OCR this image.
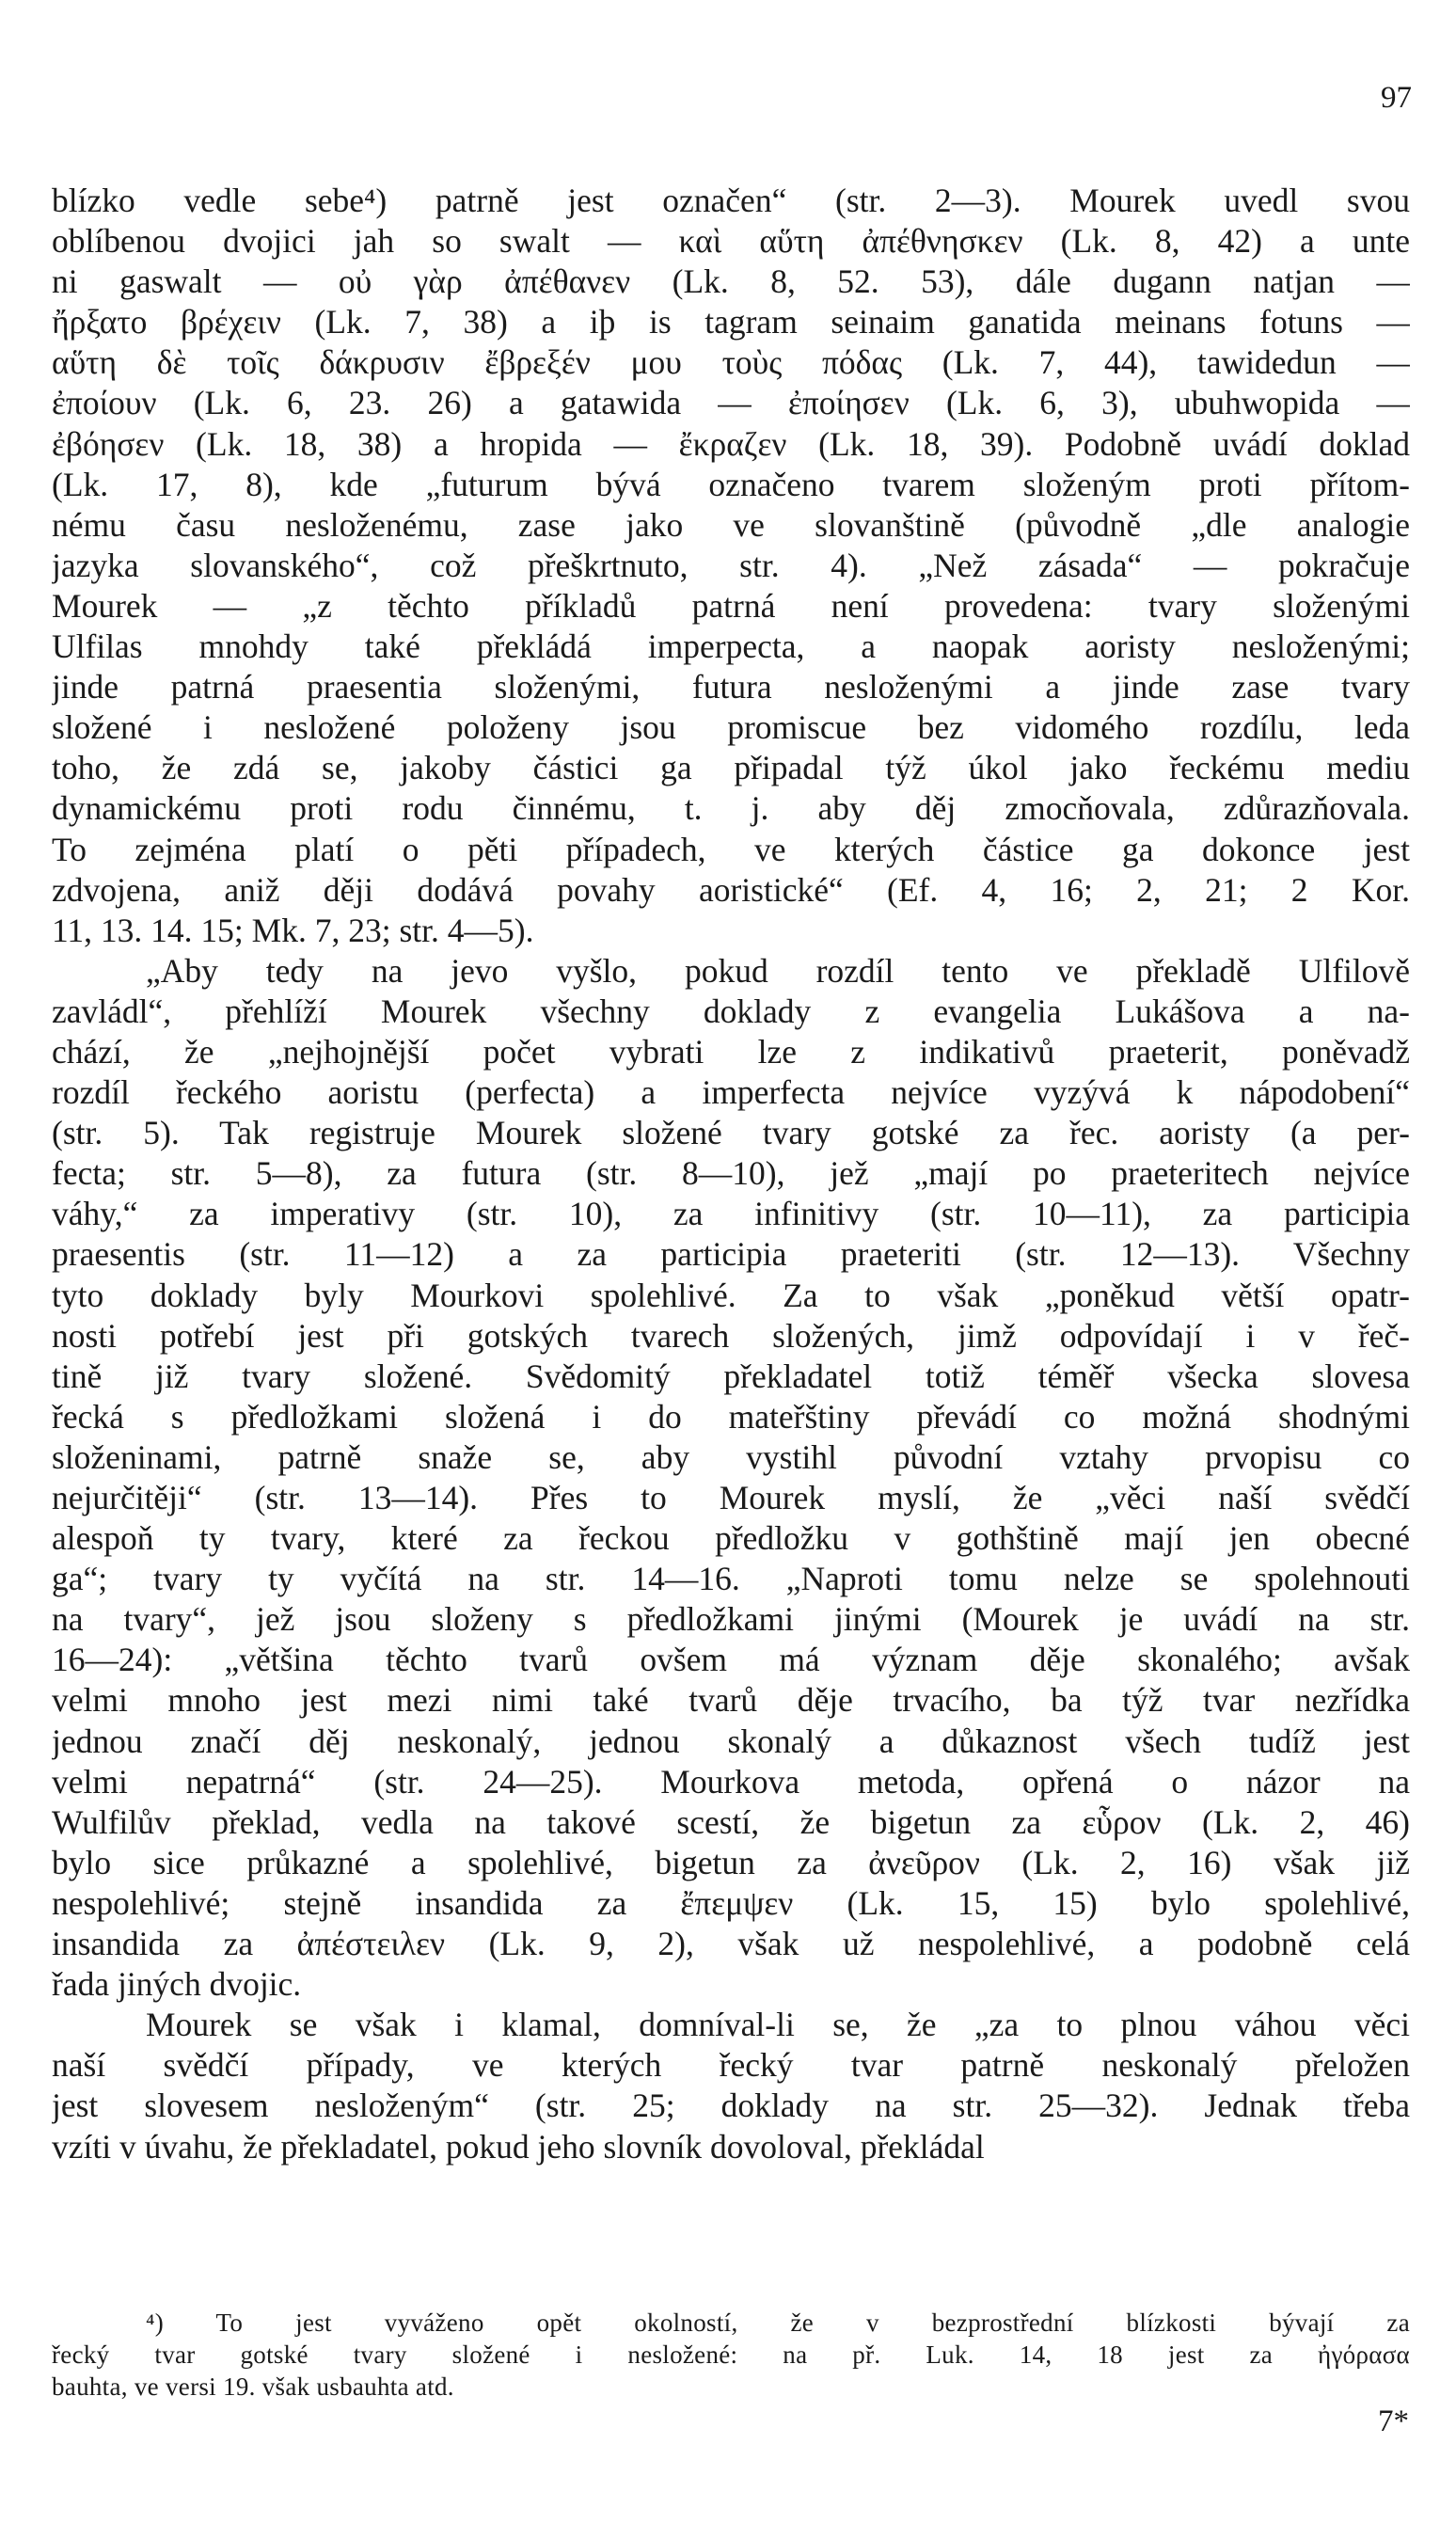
97
blízko vedle sebe⁴) patrně jest označen“ (str. 2—3). Mourek uvedl svou
oblíbenou dvojici jah so swalt — καὶ αὕτη ἀπέθνησκεν (Lk. 8, 42) a unte
ni gaswalt — οὐ γὰρ ἀπέθανεν (Lk. 8, 52. 53), dále dugann natjan —
ἤρξατο βρέχειν (Lk. 7, 38) a iþ is tagram seinaim ganatida meinans fotuns —
αὕτη δὲ τοῖς δάκρυσιν ἔβρεξέν μου τοὺς πόδας (Lk. 7, 44), tawidedun —
ἐποίουν (Lk. 6, 23. 26) a gatawida — ἐποίησεν (Lk. 6, 3), ubuhwopida —
ἐβόησεν (Lk. 18, 38) a hropida — ἔκραζεν (Lk. 18, 39). Podobně uvádí doklad
(Lk. 17, 8), kde „futurum bývá označeno tvarem složeným proti přítom-
nému času nesloženému, zase jako ve slovanštině (původně „dle analogie
jazyka slovanského“, což přeškrtnuto, str. 4). „Než zásada“ — pokračuje
Mourek — „z těchto příkladů patrná není provedena: tvary složenými
Ulfilas mnohdy také překládá imperpecta, a naopak aoristy nesloženými;
jinde patrná praesentia složenými, futura nesloženými a jinde zase tvary
složené i nesložené položeny jsou promiscue bez vidomého rozdílu, leda
toho, že zdá se, jakoby částici ga připadal týž úkol jako řeckému mediu
dynamickému proti rodu činnému, t. j. aby děj zmocňovala, zdůrazňovala.
To zejména platí o pěti případech, ve kterých částice ga dokonce jest
zdvojena, aniž ději dodává povahy aoristické“ (Ef. 4, 16; 2, 21; 2 Kor.
11, 13. 14. 15; Mk. 7, 23; str. 4—5).
„Aby tedy na jevo vyšlo, pokud rozdíl tento ve překladě Ulfilově
zavládl“, přehlíží Mourek všechny doklady z evangelia Lukášova a na-
chází, že „nejhojnější počet vybrati lze z indikativů praeterit, poněvadž
rozdíl řeckého aoristu (perfecta) a imperfecta nejvíce vyzývá k nápodobení“
(str. 5). Tak registruje Mourek složené tvary gotské za řec. aoristy (a per-
fecta; str. 5—8), za futura (str. 8—10), jež „mají po praeteritech nejvíce
váhy,“ za imperativy (str. 10), za infinitivy (str. 10—11), za participia
praesentis (str. 11—12) a za participia praeteriti (str. 12—13). Všechny
tyto doklady byly Mourkovi spolehlivé. Za to však „poněkud větší opatr-
nosti potřebí jest při gotských tvarech složených, jimž odpovídají i v řeč-
tině již tvary složené. Svědomitý překladatel totiž téměř všecka slovesa
řecká s předložkami složená i do mateřštiny převádí co možná shodnými
složeninami, patrně snaže se, aby vystihl původní vztahy prvopisu co
nejurčitěji“ (str. 13—14). Přes to Mourek myslí, že „věci naší svědčí
alespoň ty tvary, které za řeckou předložku v gothštině mají jen obecné
ga“; tvary ty vyčítá na str. 14—16. „Naproti tomu nelze se spolehnouti
na tvary“, jež jsou složeny s předložkami jinými (Mourek je uvádí na str.
16—24): „většina těchto tvarů ovšem má význam děje skonalého; avšak
velmi mnoho jest mezi nimi také tvarů děje trvacího, ba týž tvar nezřídka
jednou značí děj neskonalý, jednou skonalý a důkaznost všech tudíž jest
velmi nepatrná“ (str. 24—25). Mourkova metoda, opřená o názor na
Wulfilův překlad, vedla na takové scestí, že bigetun za εὗρον (Lk. 2, 46)
bylo sice průkazné a spolehlivé, bigetun za ἀνεῦρον (Lk. 2, 16) však již
nespolehlivé; stejně insandida za ἔπεμψεν (Lk. 15, 15) bylo spolehlivé,
insandida za ἀπέστειλεν (Lk. 9, 2), však už nespolehlivé, a podobně celá
řada jiných dvojic.
Mourek se však i klamal, domníval-li se, že „za to plnou váhou věci
naší svědčí případy, ve kterých řecký tvar patrně neskonalý přeložen
jest slovesem nesloženým“ (str. 25; doklady na str. 25—32). Jednak třeba
vzíti v úvahu, že překladatel, pokud jeho slovník dovoloval, překládal
⁴) To jest vyváženo opět okolností, že v bezprostřední blízkosti bývají za
řecký tvar gotské tvary složené i nesložené: na př. Luk. 14, 18 jest za ἠγόρασα
bauhta, ve versi 19. však usbauhta atd.
7*
